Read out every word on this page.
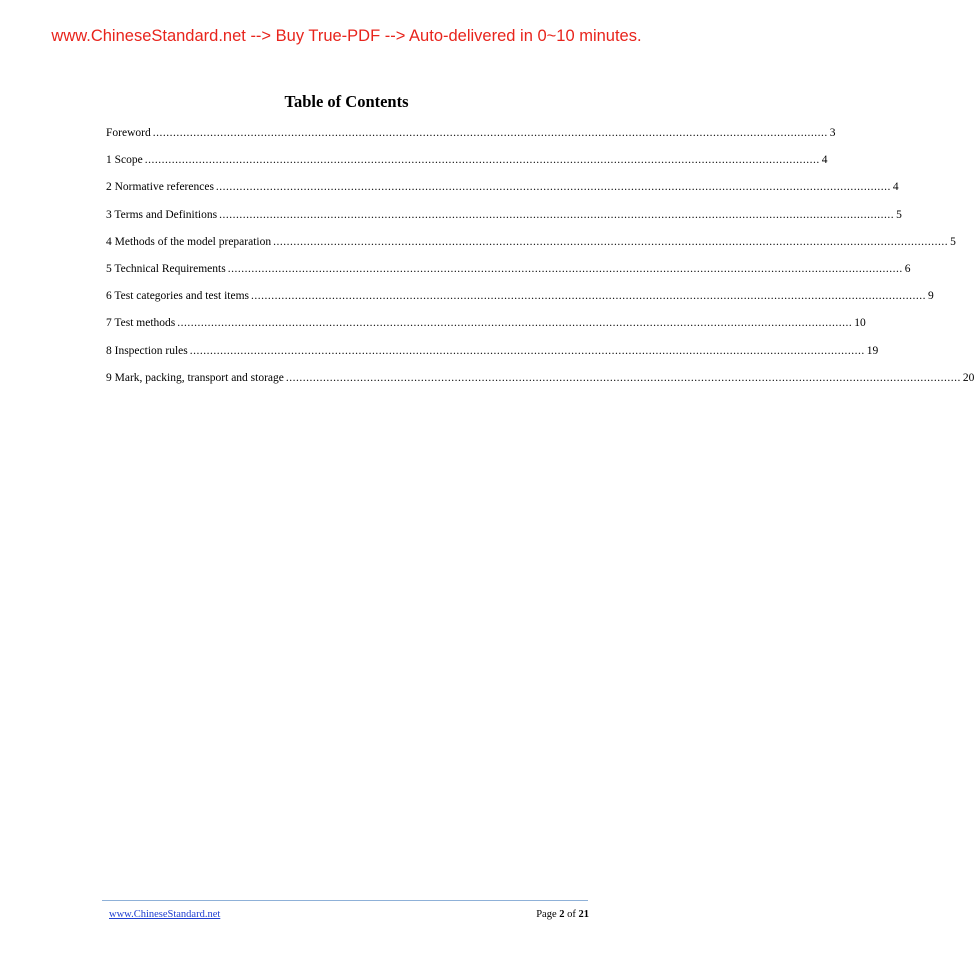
www.ChineseStandard.net --> Buy True-PDF --> Auto-delivered in 0~10 minutes.
Table of Contents
Foreword ........................................................................................................................................................................................................ 3
1 Scope ........................................................................................................................................................................................................ 4
2 Normative references ........................................................................................................................................................................................................ 4
3 Terms and Definitions ........................................................................................................................................................................................................ 5
4 Methods of the model preparation ........................................................................................................................................................................................................ 5
5 Technical Requirements ........................................................................................................................................................................................................ 6
6 Test categories and test items ........................................................................................................................................................................................................ 9
7 Test methods ........................................................................................................................................................................................................ 10
8 Inspection rules ........................................................................................................................................................................................................ 19
9 Mark, packing, transport and storage ........................................................................................................................................................................................................ 20
www.ChineseStandard.net	Page 2 of 21
